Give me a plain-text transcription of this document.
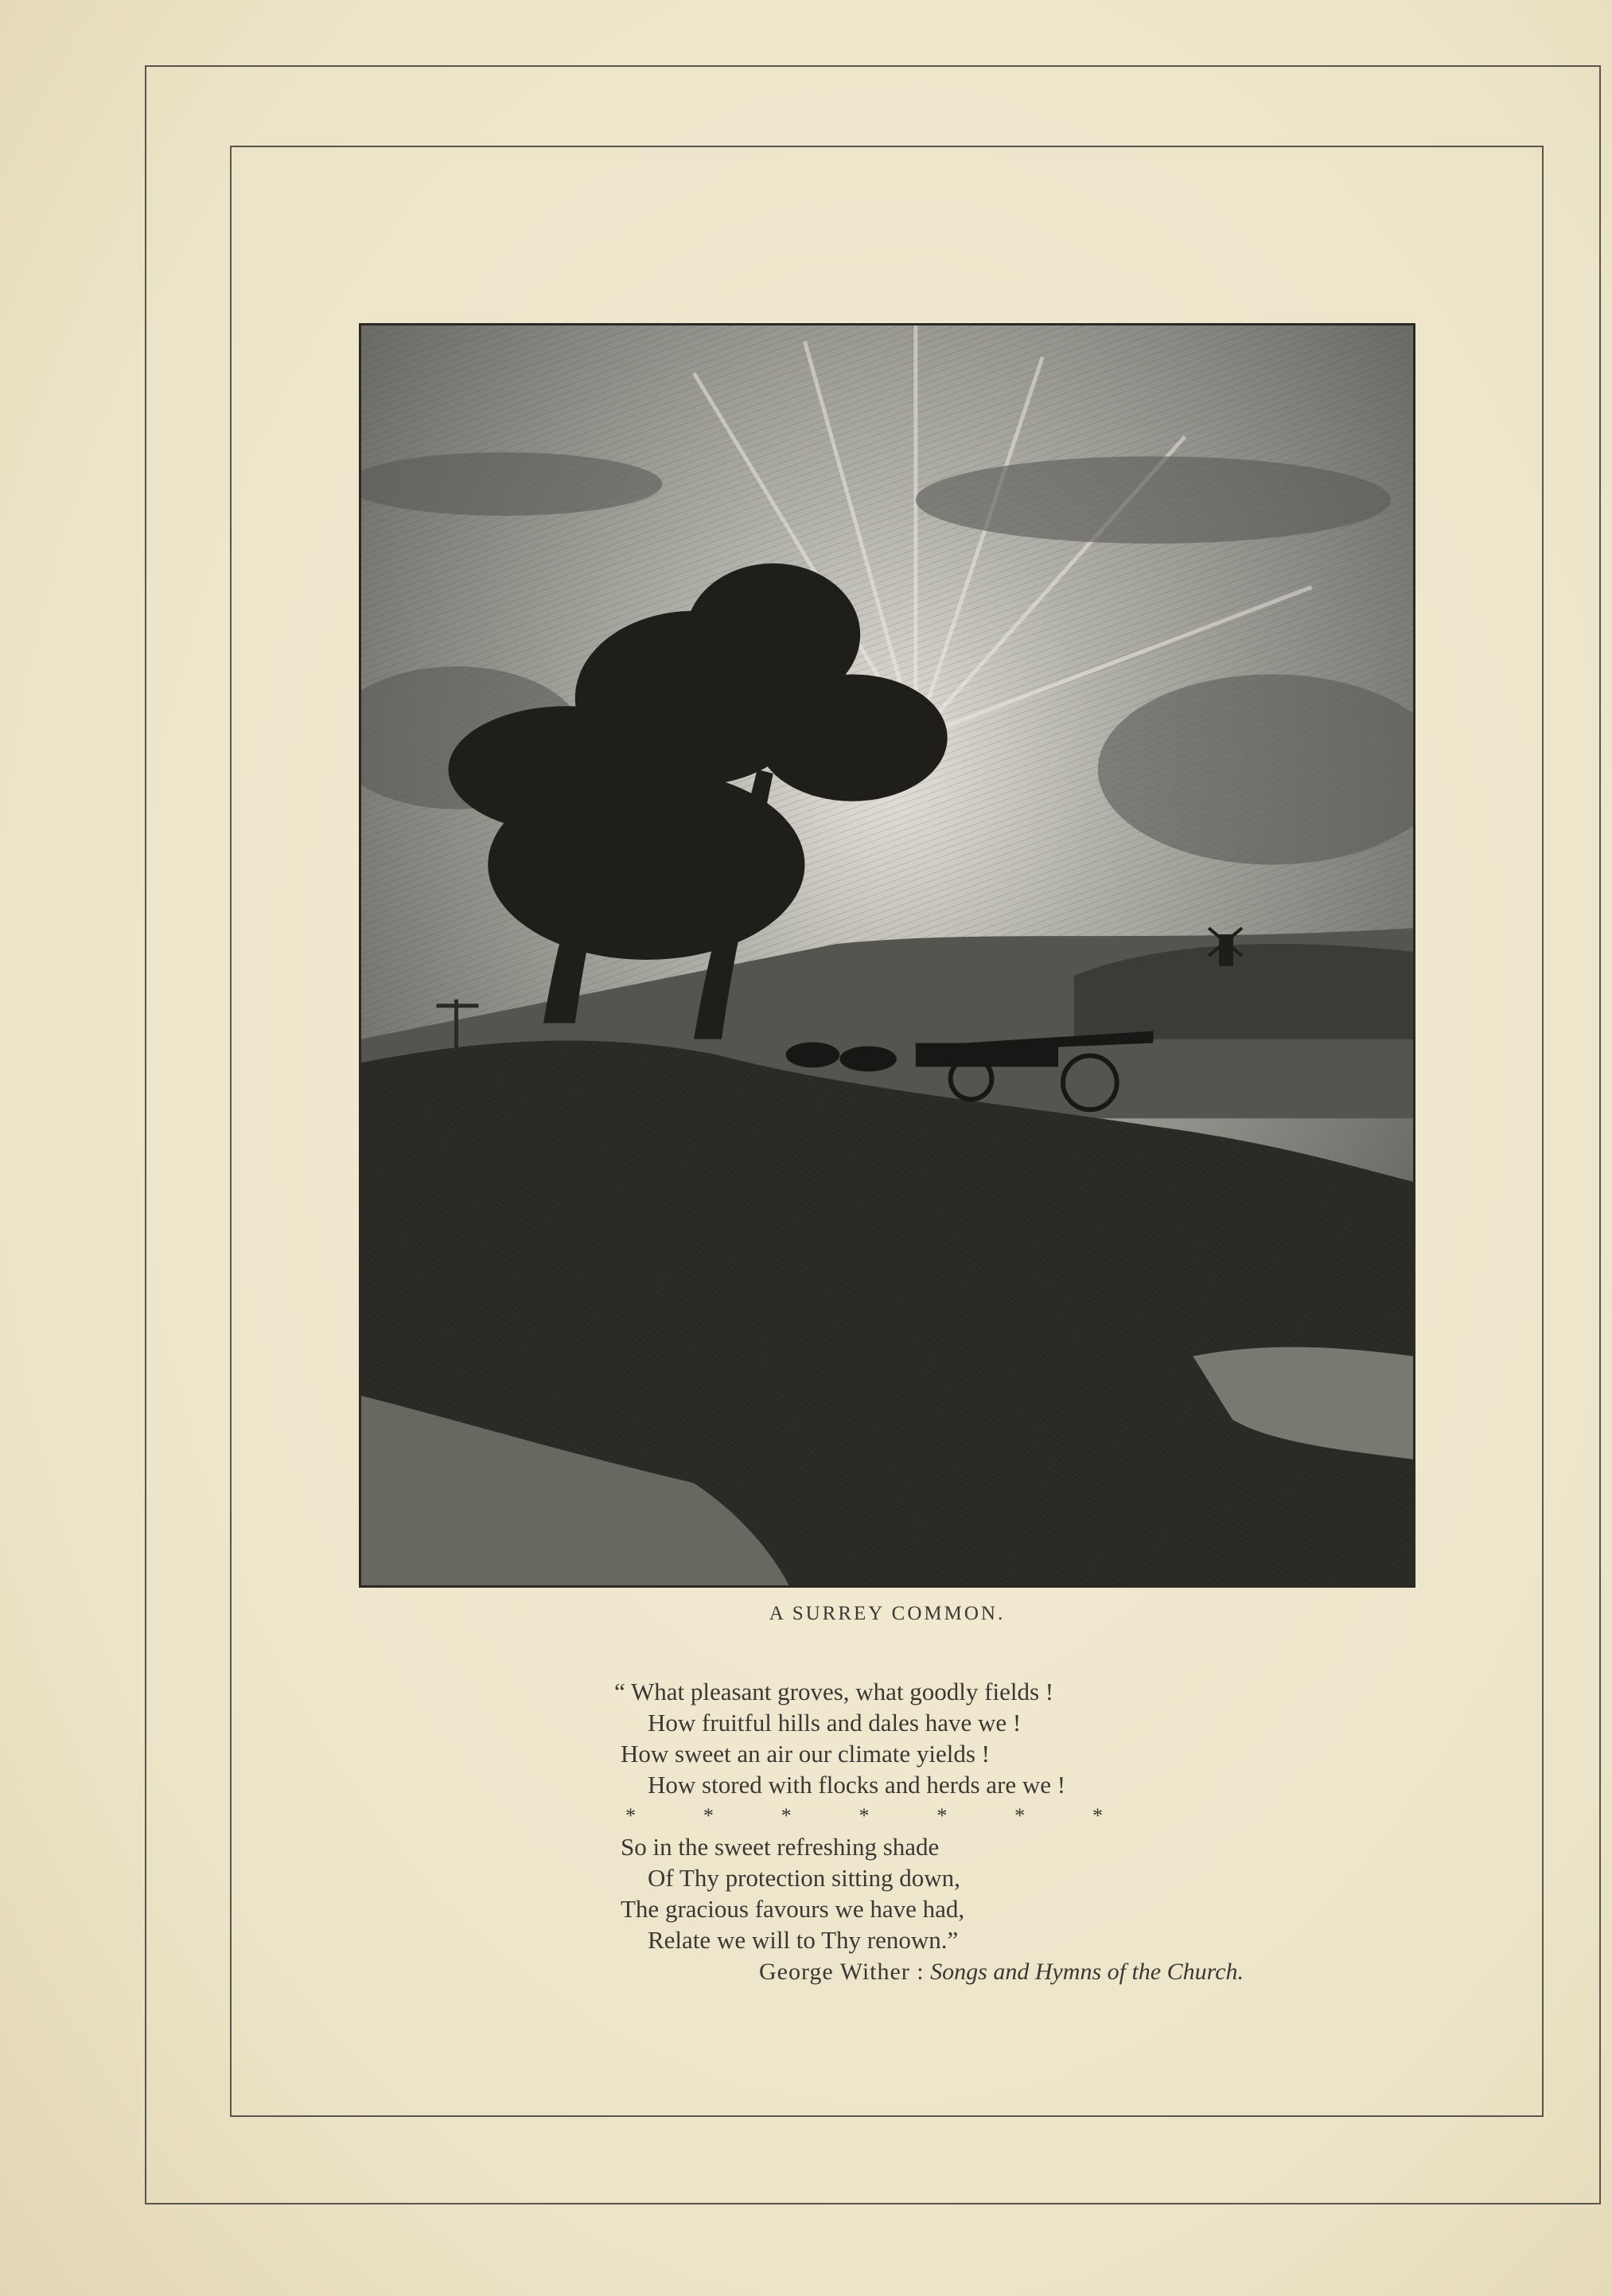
A SURREY COMMON.
“ What pleasant groves, what goodly fields !
How fruitful hills and dales have we !
How sweet an air our climate yields !
How stored with flocks and herds are we !
*	*	*	*	*	*	*
So in the sweet refreshing shade
Of Thy protection sitting down,
The gracious favours we have had,
Relate we will to Thy renown.”
George Wither : Songs and Hymns of the Church.
